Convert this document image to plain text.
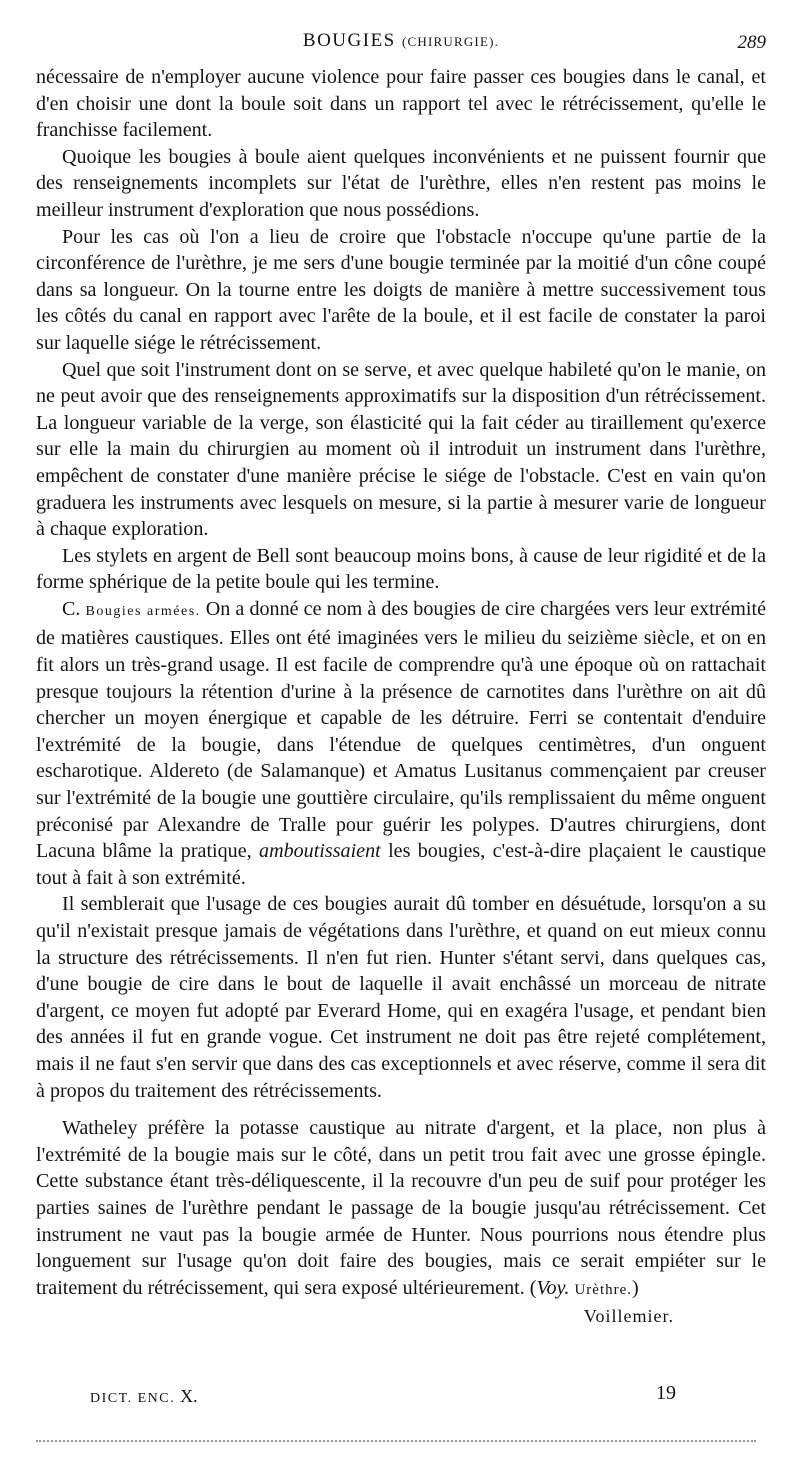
BOUGIES (CHIRURGIE).	289

nécessaire de n'employer aucune violence pour faire passer ces bougies dans le canal, et d'en choisir une dont la boule soit dans un rapport tel avec le rétrécissement, qu'elle le franchisse facilement.

Quoique les bougies à boule aient quelques inconvénients et ne puissent fournir que des renseignements incomplets sur l'état de l'urèthre, elles n'en restent pas moins le meilleur instrument d'exploration que nous possédions.

Pour les cas où l'on a lieu de croire que l'obstacle n'occupe qu'une partie de la circonférence de l'urèthre, je me sers d'une bougie terminée par la moitié d'un cône coupé dans sa longueur. On la tourne entre les doigts de manière à mettre successivement tous les côtés du canal en rapport avec l'arête de la boule, et il est facile de constater la paroi sur laquelle siége le rétrécissement.

Quel que soit l'instrument dont on se serve, et avec quelque habileté qu'on le manie, on ne peut avoir que des renseignements approximatifs sur la disposition d'un rétrécissement. La longueur variable de la verge, son élasticité qui la fait céder au tiraillement qu'exerce sur elle la main du chirurgien au moment où il introduit un instrument dans l'urèthre, empêchent de constater d'une manière précise le siége de l'obstacle. C'est en vain qu'on graduera les instruments avec lesquels on mesure, si la partie à mesurer varie de longueur à chaque exploration.

Les stylets en argent de Bell sont beaucoup moins bons, à cause de leur rigidité et de la forme sphérique de la petite boule qui les termine.

C. Bougies armées. On a donné ce nom à des bougies de cire chargées vers leur extrémité de matières caustiques. Elles ont été imaginées vers le milieu du seizième siècle, et on en fit alors un très-grand usage. Il est facile de comprendre qu'à une époque où on rattachait presque toujours la rétention d'urine à la présence de carnotites dans l'urèthre on ait dû chercher un moyen énergique et capable de les détruire. Ferri se contentait d'enduire l'extrémité de la bougie, dans l'étendue de quelques centimètres, d'un onguent escharotique. Aldereto (de Salamanque) et Amatus Lusitanus commençaient par creuser sur l'extrémité de la bougie une gouttière circulaire, qu'ils remplissaient du même onguent préconisé par Alexandre de Tralle pour guérir les polypes. D'autres chirurgiens, dont Lacuna blâme la pratique, amboutissaient les bougies, c'est-à-dire plaçaient le caustique tout à fait à son extrémité.

Il semblerait que l'usage de ces bougies aurait dû tomber en désuétude, lorsqu'on a su qu'il n'existait presque jamais de végétations dans l'urèthre, et quand on eut mieux connu la structure des rétrécissements. Il n'en fut rien. Hunter s'étant servi, dans quelques cas, d'une bougie de cire dans le bout de laquelle il avait enchâssé un morceau de nitrate d'argent, ce moyen fut adopté par Everard Home, qui en exagéra l'usage, et pendant bien des années il fut en grande vogue. Cet instrument ne doit pas être rejeté complétement, mais il ne faut s'en servir que dans des cas exceptionnels et avec réserve, comme il sera dit à propos du traitement des rétrécissements.

Watheley préfère la potasse caustique au nitrate d'argent, et la place, non plus à l'extrémité de la bougie mais sur le côté, dans un petit trou fait avec une grosse épingle. Cette substance étant très-déliquescente, il la recouvre d'un peu de suif pour protéger les parties saines de l'urèthre pendant le passage de la bougie jusqu'au rétrécissement. Cet instrument ne vaut pas la bougie armée de Hunter. Nous pourrions nous étendre plus longuement sur l'usage qu'on doit faire des bougies, mais ce serait empiéter sur le traitement du rétrécissement, qui sera exposé ultérieurement. (Voy. Urèthre.)
Voillemier.

DICT. ENC. X.	19
